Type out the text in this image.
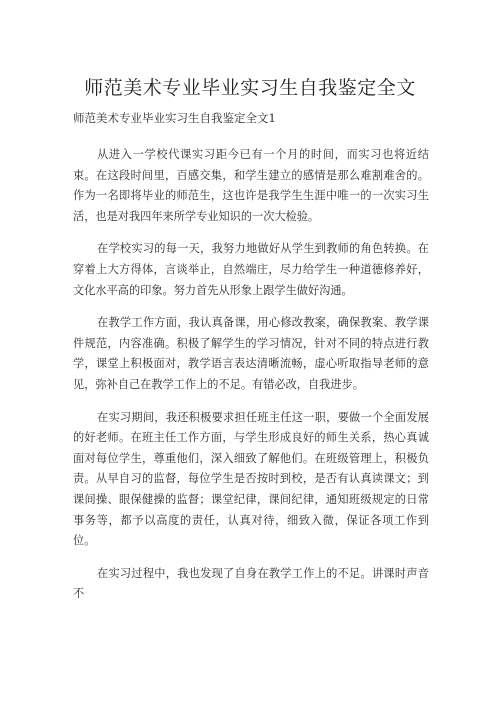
师范美术专业毕业实习生自我鉴定全文
师范美术专业毕业实习生自我鉴定全文1

从进入一学校代课实习距今已有一个月的时间，而实习也将近结束。在这段时间里，百感交集，和学生建立的感情是那么难割难舍的。作为一名即将毕业的师范生，这也许是我学生生涯中唯一的一次实习生活，也是对我四年来所学专业知识的一次大检验。

在学校实习的每一天，我努力地做好从学生到教师的角色转换。在穿着上大方得体，言谈举止，自然端庄，尽力给学生一种道德修养好，文化水平高的印象。努力首先从形象上跟学生做好沟通。

在教学工作方面，我认真备课，用心修改教案，确保教案、教学课件规范，内容准确。积极了解学生的学习情况，针对不同的特点进行教学，课堂上积极面对，教学语言表达清晰流畅，虚心听取指导老师的意见，弥补自己在教学工作上的不足。有错必改，自我进步。

在实习期间，我还积极要求担任班主任这一职，要做一个全面发展的好老师。在班主任工作方面，与学生形成良好的师生关系，热心真诚面对每位学生，尊重他们，深入细致了解他们。在班级管理上，积极负责。从早自习的监督，每位学生是否按时到校，是否有认真读课文；到课间操、眼保健操的监督；课堂纪律，课间纪律，通知班级规定的日常事务等，都予以高度的责任，认真对待，细致入微，保证各项工作到位。

在实习过程中，我也发现了自身在教学工作上的不足。讲课时声音不
